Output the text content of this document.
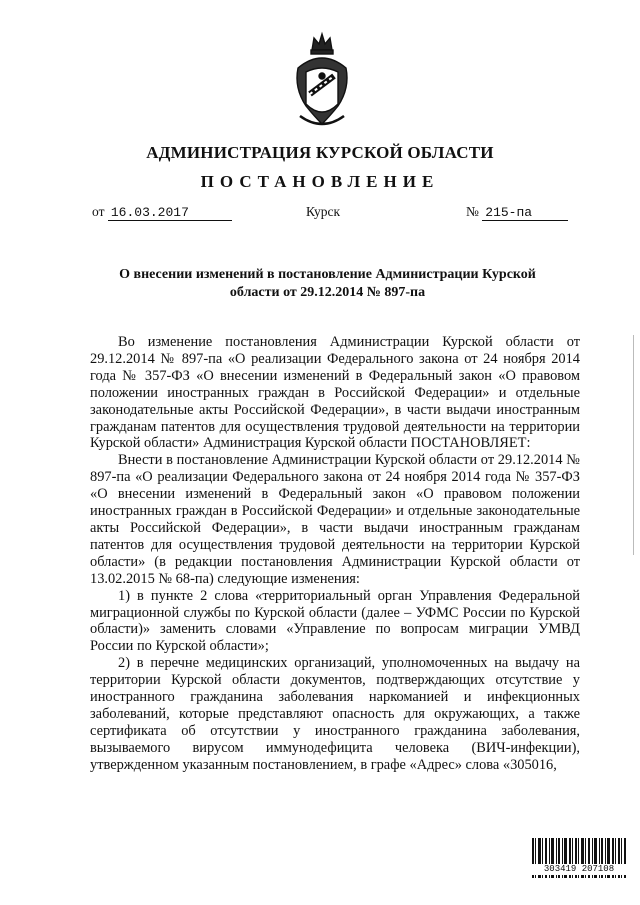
АДМИНИСТРАЦИЯ КУРСКОЙ ОБЛАСТИ
ПОСТАНОВЛЕНИЕ
от 16.03.2017	Курск	№ 215-па
О внесении изменений в постановление Администрации Курской области от 29.12.2014 № 897-па

Во изменение постановления Администрации Курской области от 29.12.2014 № 897-па «О реализации Федерального закона от 24 ноября 2014 года № 357-ФЗ «О внесении изменений в Федеральный закон «О правовом положении иностранных граждан в Российской Федерации» и отдельные законодательные акты Российской Федерации», в части выдачи иностранным гражданам патентов для осуществления трудовой деятельности на территории Курской области» Администрация Курской области ПОСТАНОВЛЯЕТ:

Внести в постановление Администрации Курской области от 29.12.2014 № 897-па «О реализации Федерального закона от 24 ноября 2014 года № 357-ФЗ «О внесении изменений в Федеральный закон «О правовом положении иностранных граждан в Российской Федерации» и отдельные законодательные акты Российской Федерации», в части выдачи иностранным гражданам патентов для осуществления трудовой деятельности на территории Курской области» (в редакции постановления Администрации Курской области от 13.02.2015 № 68-па) следующие изменения:

1) в пункте 2 слова «территориальный орган Управления Федеральной миграционной службы по Курской области (далее – УФМС России по Курской области)» заменить словами «Управление по вопросам миграции УМВД России по Курской области»;

2) в перечне медицинских организаций, уполномоченных на выдачу на территории Курской области документов, подтверждающих отсутствие у иностранного гражданина заболевания наркоманией и инфекционных заболеваний, которые представляют опасность для окружающих, а также сертификата об отсутствии у иностранного гражданина заболевания, вызываемого вирусом иммунодефицита человека (ВИЧ-инфекции), утвержденном указанным постановлением, в графе «Адрес» слова «305016,

303419 207108
